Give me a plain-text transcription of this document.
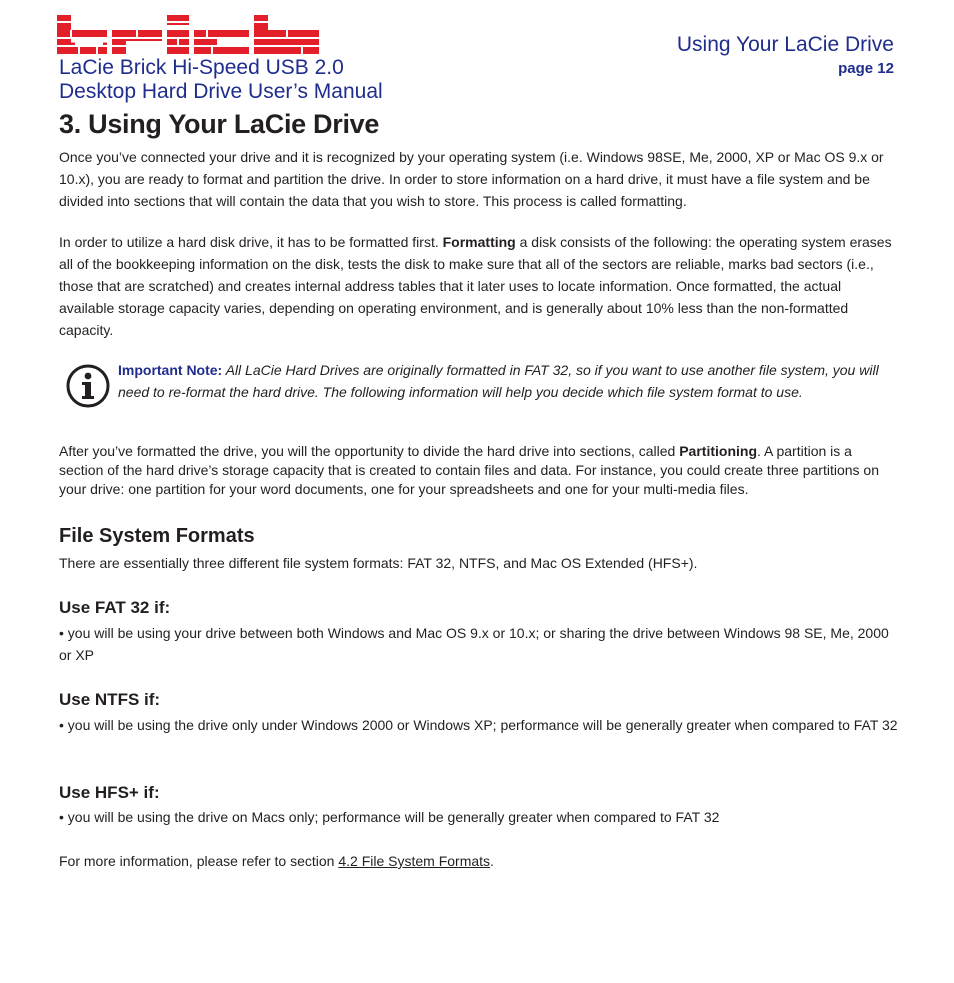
LaCie Brick Hi-Speed USB 2.0
Desktop Hard Drive User’s Manual
Using Your LaCie Drive
page 12
3. Using Your LaCie Drive

Once you’ve connected your drive and it is recognized by your operating system (i.e. Windows 98SE, Me, 2000, XP or Mac OS 9.x or 10.x), you are ready to format and partition the drive. In order to store information on a hard drive, it must have a file system and be divided into sections that will contain the data that you wish to store. This process is called formatting.

In order to utilize a hard disk drive, it has to be formatted first. Formatting a disk consists of the following: the operating system erases all of the bookkeeping information on the disk, tests the disk to make sure that all of the sectors are reliable, marks bad sectors (i.e., those that are scratched) and creates internal address tables that it later uses to locate information. Once formatted, the actual available storage capacity varies, depending on operating environment, and is generally about 10% less than the non-formatted capacity.

Important Note: All LaCie Hard Drives are originally formatted in FAT 32, so if you want to use another file system, you will need to re-format the hard drive. The following information will help you decide which file system format to use.

After you’ve formatted the drive, you will the opportunity to divide the hard drive into sections, called Partitioning. A partition is a section of the hard drive’s storage capacity that is created to contain files and data. For instance, you could create three partitions on your drive: one partition for your word documents, one for your spreadsheets and one for your multi-media files.

File System Formats

There are essentially three different file system formats: FAT 32, NTFS, and Mac OS Extended (HFS+).

Use FAT 32 if:

• you will be using your drive between both Windows and Mac OS 9.x or 10.x; or sharing the drive between Windows 98 SE, Me, 2000 or XP

Use NTFS if:

• you will be using the drive only under Windows 2000 or Windows XP; performance will be generally greater when compared to FAT 32

Use HFS+ if:

• you will be using the drive on Macs only; performance will be generally greater when compared to FAT 32

For more information, please refer to section 4.2 File System Formats.
